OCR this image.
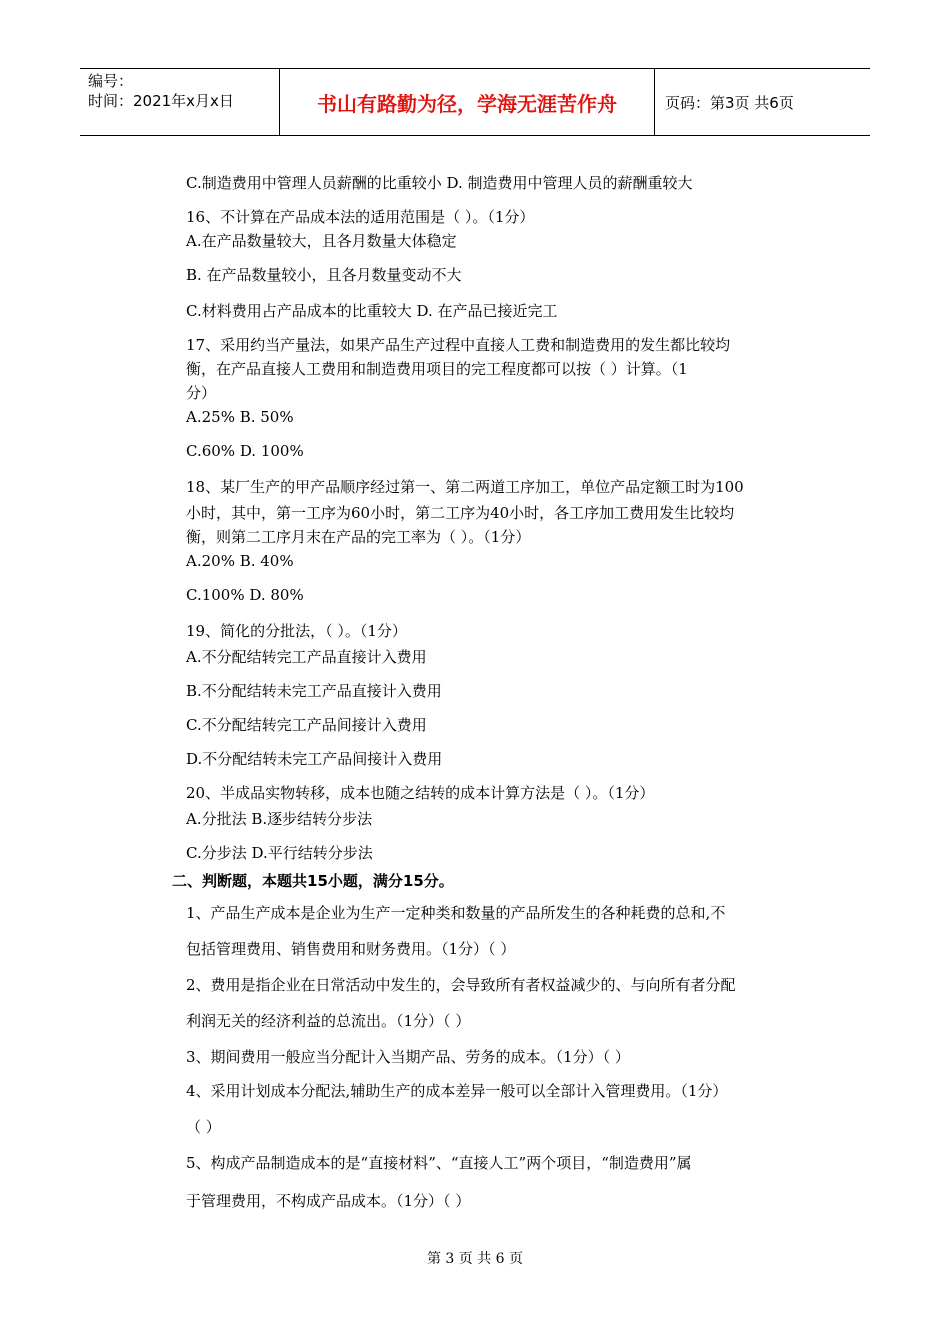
编号：
时间：2021年x月x日	书山有路勤为径，学海无涯苦作舟	页码：第3页 共6页
C.制造费用中管理人员薪酬的比重较小 D. 制造费用中管理人员的薪酬重较大
16、不计算在产品成本法的适用范围是（ ）。（1分）
A.在产品数量较大，且各月数量大体稳定
B. 在产品数量较小，且各月数量变动不大
C.材料费用占产品成本的比重较大 D. 在产品已接近完工
17、采用约当产量法，如果产品生产过程中直接人工费和制造费用的发生都比较均
衡，在产品直接人工费用和制造费用项目的完工程度都可以按（ ）计算。（1
分）
A.25% B. 50%
C.60% D. 100%
18、某厂生产的甲产品顺序经过第一、第二两道工序加工，单位产品定额工时为100
小时，其中，第一工序为60小时，第二工序为40小时，各工序加工费用发生比较均
衡，则第二工序月末在产品的完工率为（ ）。（1分）
A.20% B. 40%
C.100% D. 80%
19、简化的分批法，（ ）。（1分）
A.不分配结转完工产品直接计入费用
B.不分配结转未完工产品直接计入费用
C.不分配结转完工产品间接计入费用
D.不分配结转未完工产品间接计入费用
20、半成品实物转移，成本也随之结转的成本计算方法是（ ）。（1分）
A.分批法 B.逐步结转分步法
C.分步法 D.平行结转分步法
二、判断题，本题共15小题，满分15分。
1、产品生产成本是企业为生产一定种类和数量的产品所发生的各种耗费的总和,不
包括管理费用、销售费用和财务费用。（1分）（ ）
2、费用是指企业在日常活动中发生的，会导致所有者权益减少的、与向所有者分配
利润无关的经济利益的总流出。（1分）（ ）
3、期间费用一般应当分配计入当期产品、劳务的成本。（1分）（ ）
4、采用计划成本分配法,辅助生产的成本差异一般可以全部计入管理费用。（1分）
（ ）
5、构成产品制造成本的是“直接材料”、“直接人工”两个项目，“制造费用”属
于管理费用，不构成产品成本。（1分）（ ）
第 3 页 共 6 页
